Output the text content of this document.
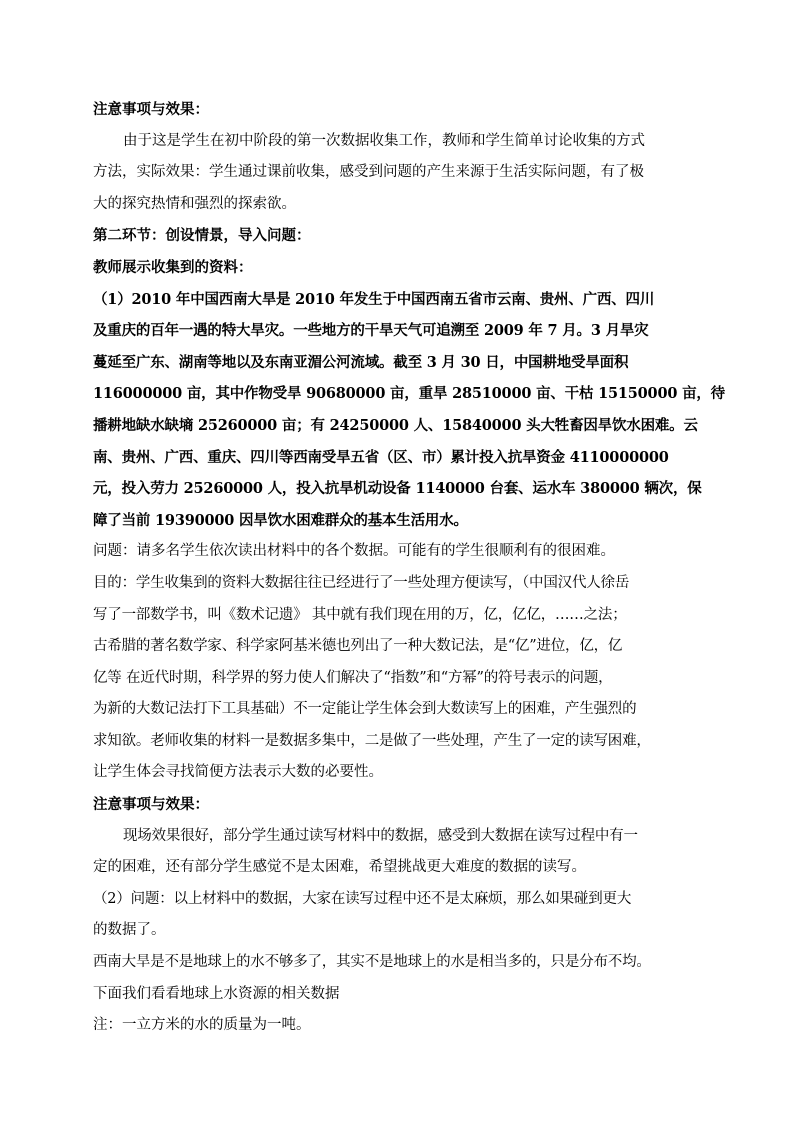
注意事项与效果：

由于这是学生在初中阶段的第一次数据收集工作，教师和学生简单讨论收集的方式

方法，实际效果：学生通过课前收集，感受到问题的产生来源于生活实际问题，有了极

大的探究热情和强烈的探索欲。

第二环节：创设情景，导入问题：

教师展示收集到的资料：

（1）2010 年中国西南大旱是 2010 年发生于中国西南五省市云南、贵州、广西、四川

及重庆的百年一遇的特大旱灾。一些地方的干旱天气可追溯至 2009 年 7 月。3 月旱灾

蔓延至广东、湖南等地以及东南亚湄公河流域。截至 3 月 30 日，中国耕地受旱面积

116000000 亩，其中作物受旱 90680000 亩，重旱 28510000 亩、干枯 15150000 亩，待

播耕地缺水缺墒 25260000 亩；有 24250000 人、15840000 头大牲畜因旱饮水困难。云

南、贵州、广西、重庆、四川等西南受旱五省（区、市）累计投入抗旱资金 4110000000

元，投入劳力 25260000 人，投入抗旱机动设备 1140000 台套、运水车 380000 辆次，保

障了当前 19390000 因旱饮水困难群众的基本生活用水。

问题：请多名学生依次读出材料中的各个数据。可能有的学生很顺利有的很困难。

目的：学生收集到的资料大数据往往已经进行了一些处理方便读写，（中国汉代人徐岳

写了一部数学书，叫《数术记遗》 其中就有我们现在用的万，亿，亿亿，……之法；

古希腊的著名数学家、科学家阿基米德也列出了一种大数记法，是“亿”进位，亿，亿

亿等 在近代时期，科学界的努力使人们解决了“指数”和“方幂”的符号表示的问题，

为新的大数记法打下工具基础）不一定能让学生体会到大数读写上的困难，产生强烈的

求知欲。老师收集的材料一是数据多集中，二是做了一些处理，产生了一定的读写困难，

让学生体会寻找简便方法表示大数的必要性。

注意事项与效果：

现场效果很好，部分学生通过读写材料中的数据，感受到大数据在读写过程中有一

定的困难，还有部分学生感觉不是太困难，希望挑战更大难度的数据的读写。

（2）问题：以上材料中的数据，大家在读写过程中还不是太麻烦，那么如果碰到更大

的数据了。

西南大旱是不是地球上的水不够多了，其实不是地球上的水是相当多的，只是分布不均。

下面我们看看地球上水资源的相关数据

注：一立方米的水的质量为一吨。
